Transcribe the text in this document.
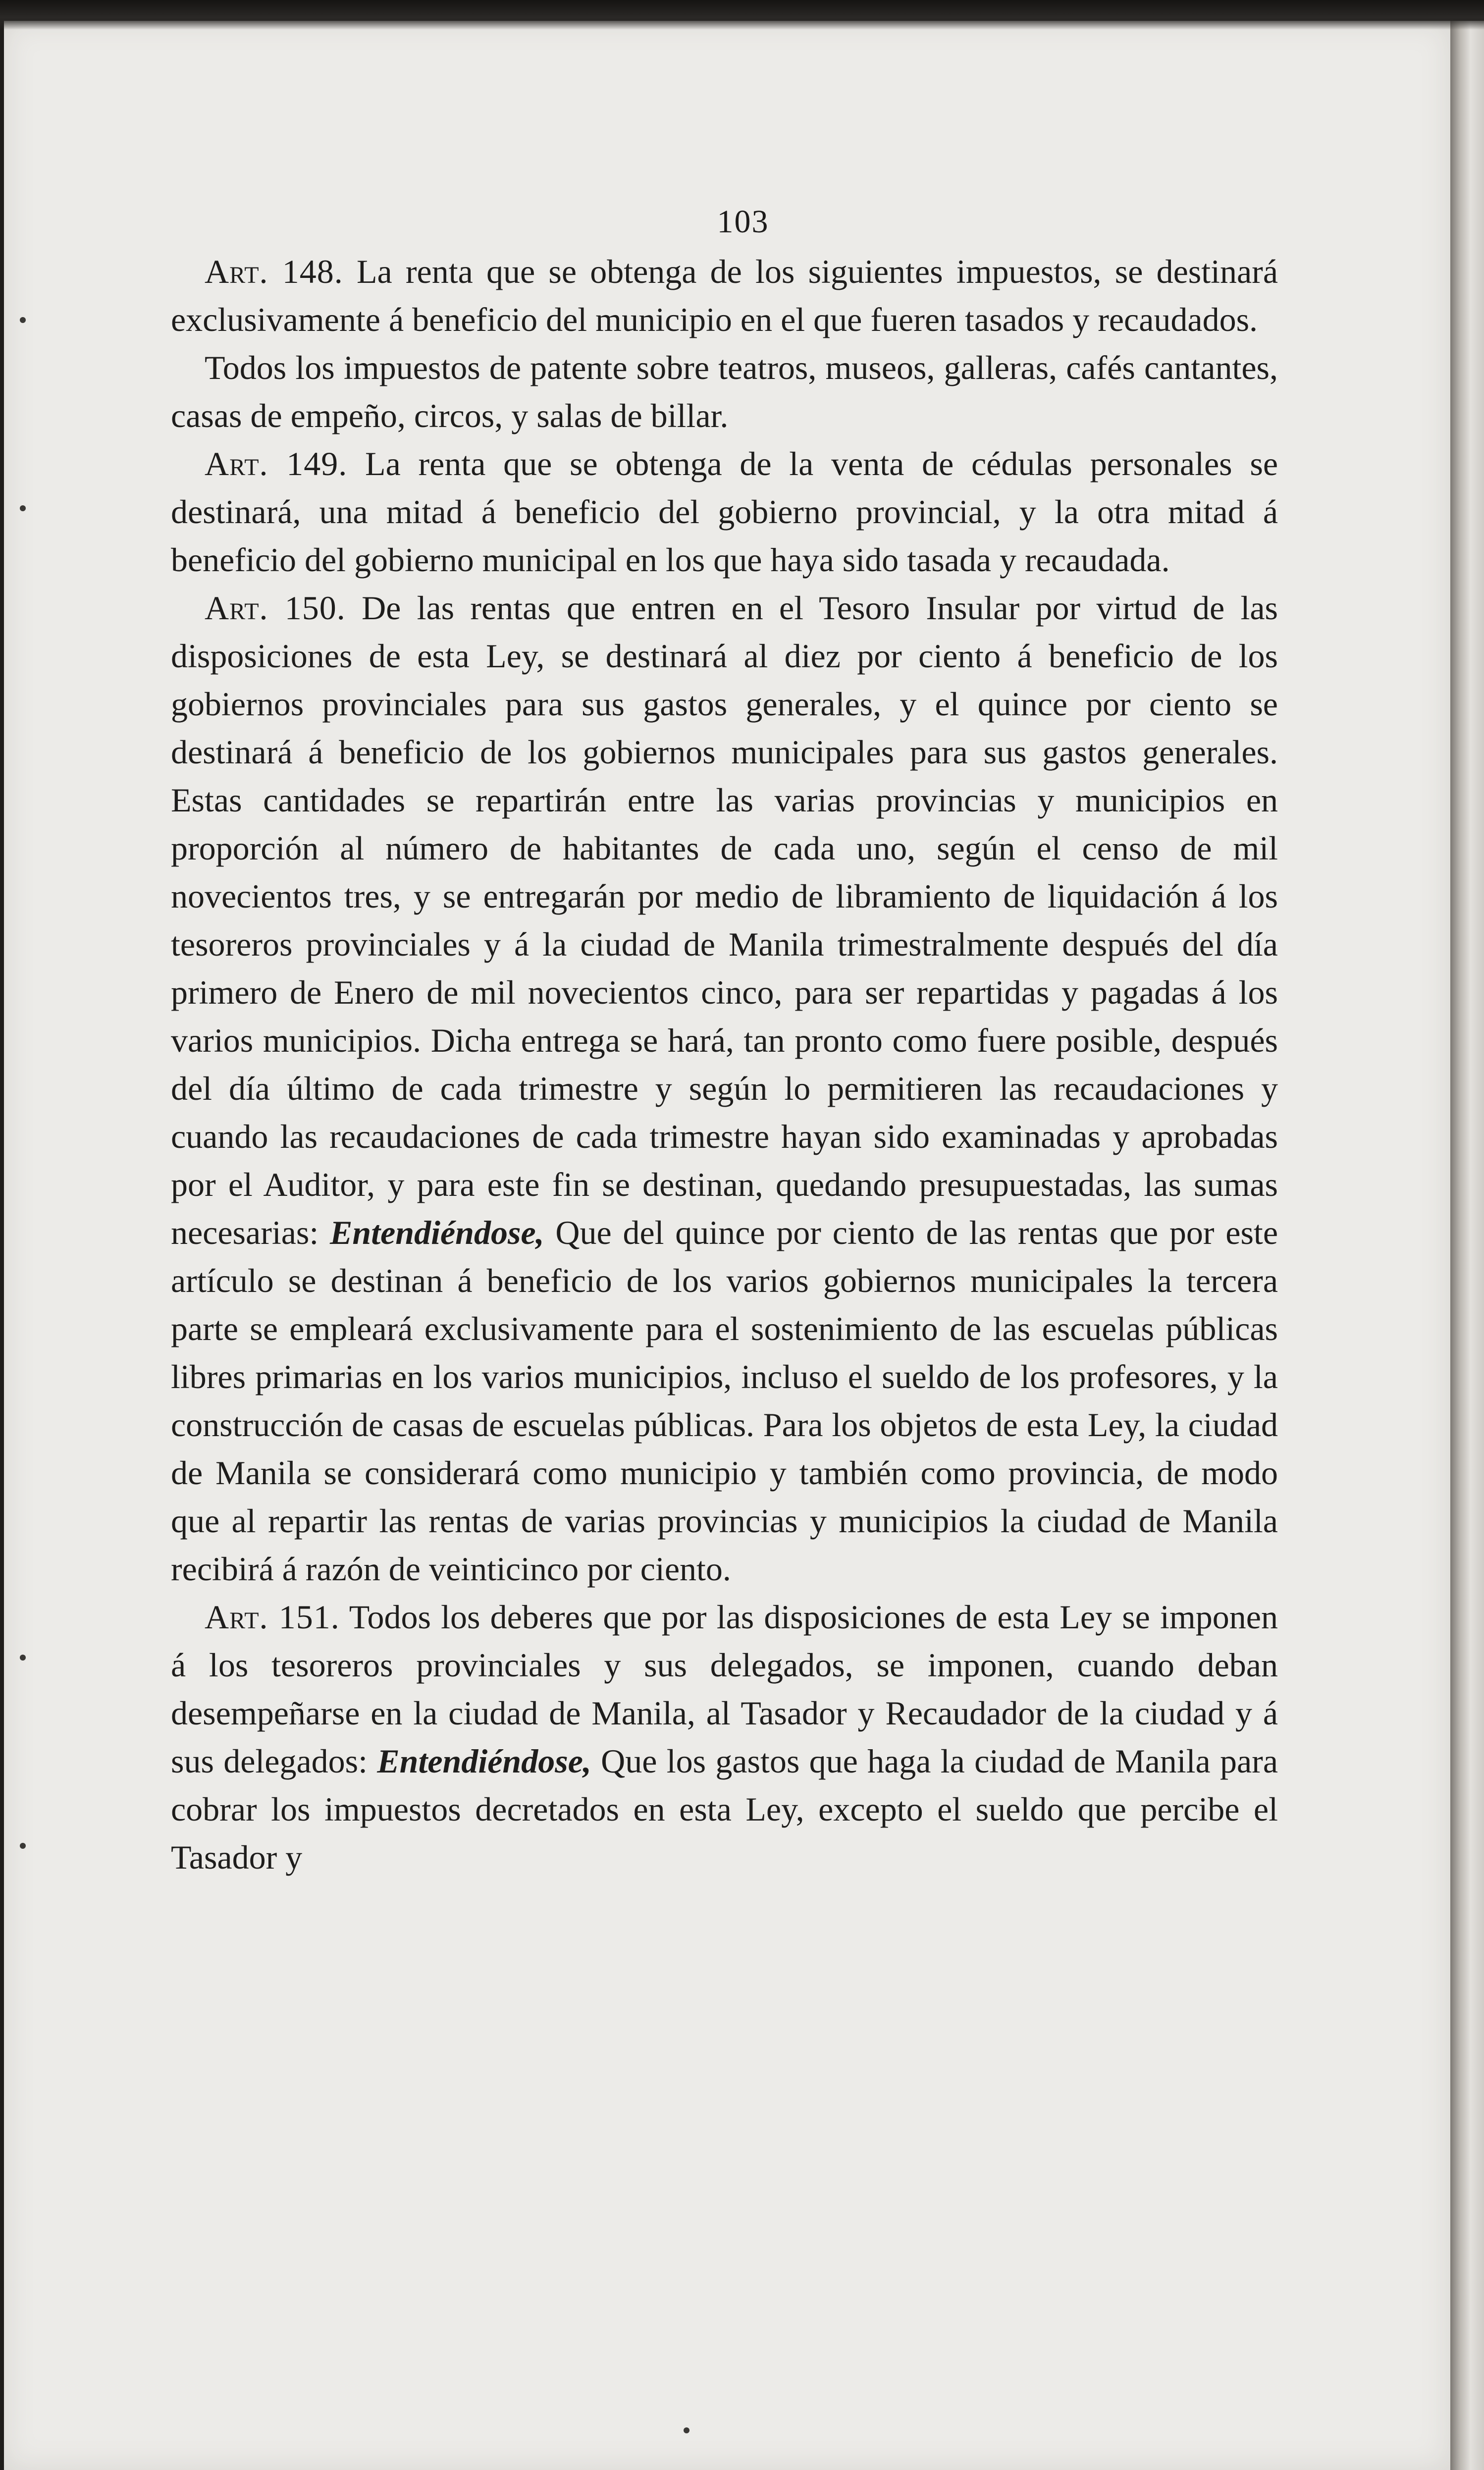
103

Art. 148. La renta que se obtenga de los siguientes impuestos, se destinará exclusivamente á beneficio del municipio en el que fueren tasados y recaudados.

Todos los impuestos de patente sobre teatros, museos, galleras, cafés cantantes, casas de empeño, circos, y salas de billar.

Art. 149. La renta que se obtenga de la venta de cédulas personales se destinará, una mitad á beneficio del gobierno provincial, y la otra mitad á beneficio del gobierno municipal en los que haya sido tasada y recaudada.

Art. 150. De las rentas que entren en el Tesoro Insular por virtud de las disposiciones de esta Ley, se destinará al diez por ciento á beneficio de los gobiernos provinciales para sus gastos generales, y el quince por ciento se destinará á beneficio de los gobiernos municipales para sus gastos generales. Estas cantidades se repartirán entre las varias provincias y municipios en proporción al número de habitantes de cada uno, según el censo de mil novecientos tres, y se entregarán por medio de libramiento de liquidación á los tesoreros provinciales y á la ciudad de Manila trimestralmente después del día primero de Enero de mil novecientos cinco, para ser repartidas y pagadas á los varios municipios. Dicha entrega se hará, tan pronto como fuere posible, después del día último de cada trimestre y según lo permitieren las recaudaciones y cuando las recaudaciones de cada trimestre hayan sido examinadas y aprobadas por el Auditor, y para este fin se destinan, quedando presupuestadas, las sumas necesarias: Entendiéndose, Que del quince por ciento de las rentas que por este artículo se destinan á beneficio de los varios gobiernos municipales la tercera parte se empleará exclusivamente para el sostenimiento de las escuelas públicas libres primarias en los varios municipios, incluso el sueldo de los profesores, y la construcción de casas de escuelas públicas. Para los objetos de esta Ley, la ciudad de Manila se considerará como municipio y también como provincia, de modo que al repartir las rentas de varias provincias y municipios la ciudad de Manila recibirá á razón de veinticinco por ciento.

Art. 151. Todos los deberes que por las disposiciones de esta Ley se imponen á los tesoreros provinciales y sus delegados, se imponen, cuando deban desempeñarse en la ciudad de Manila, al Tasador y Recaudador de la ciudad y á sus delegados: Entendiéndose, Que los gastos que haga la ciudad de Manila para cobrar los impuestos decretados en esta Ley, excepto el sueldo que percibe el Tasador y
